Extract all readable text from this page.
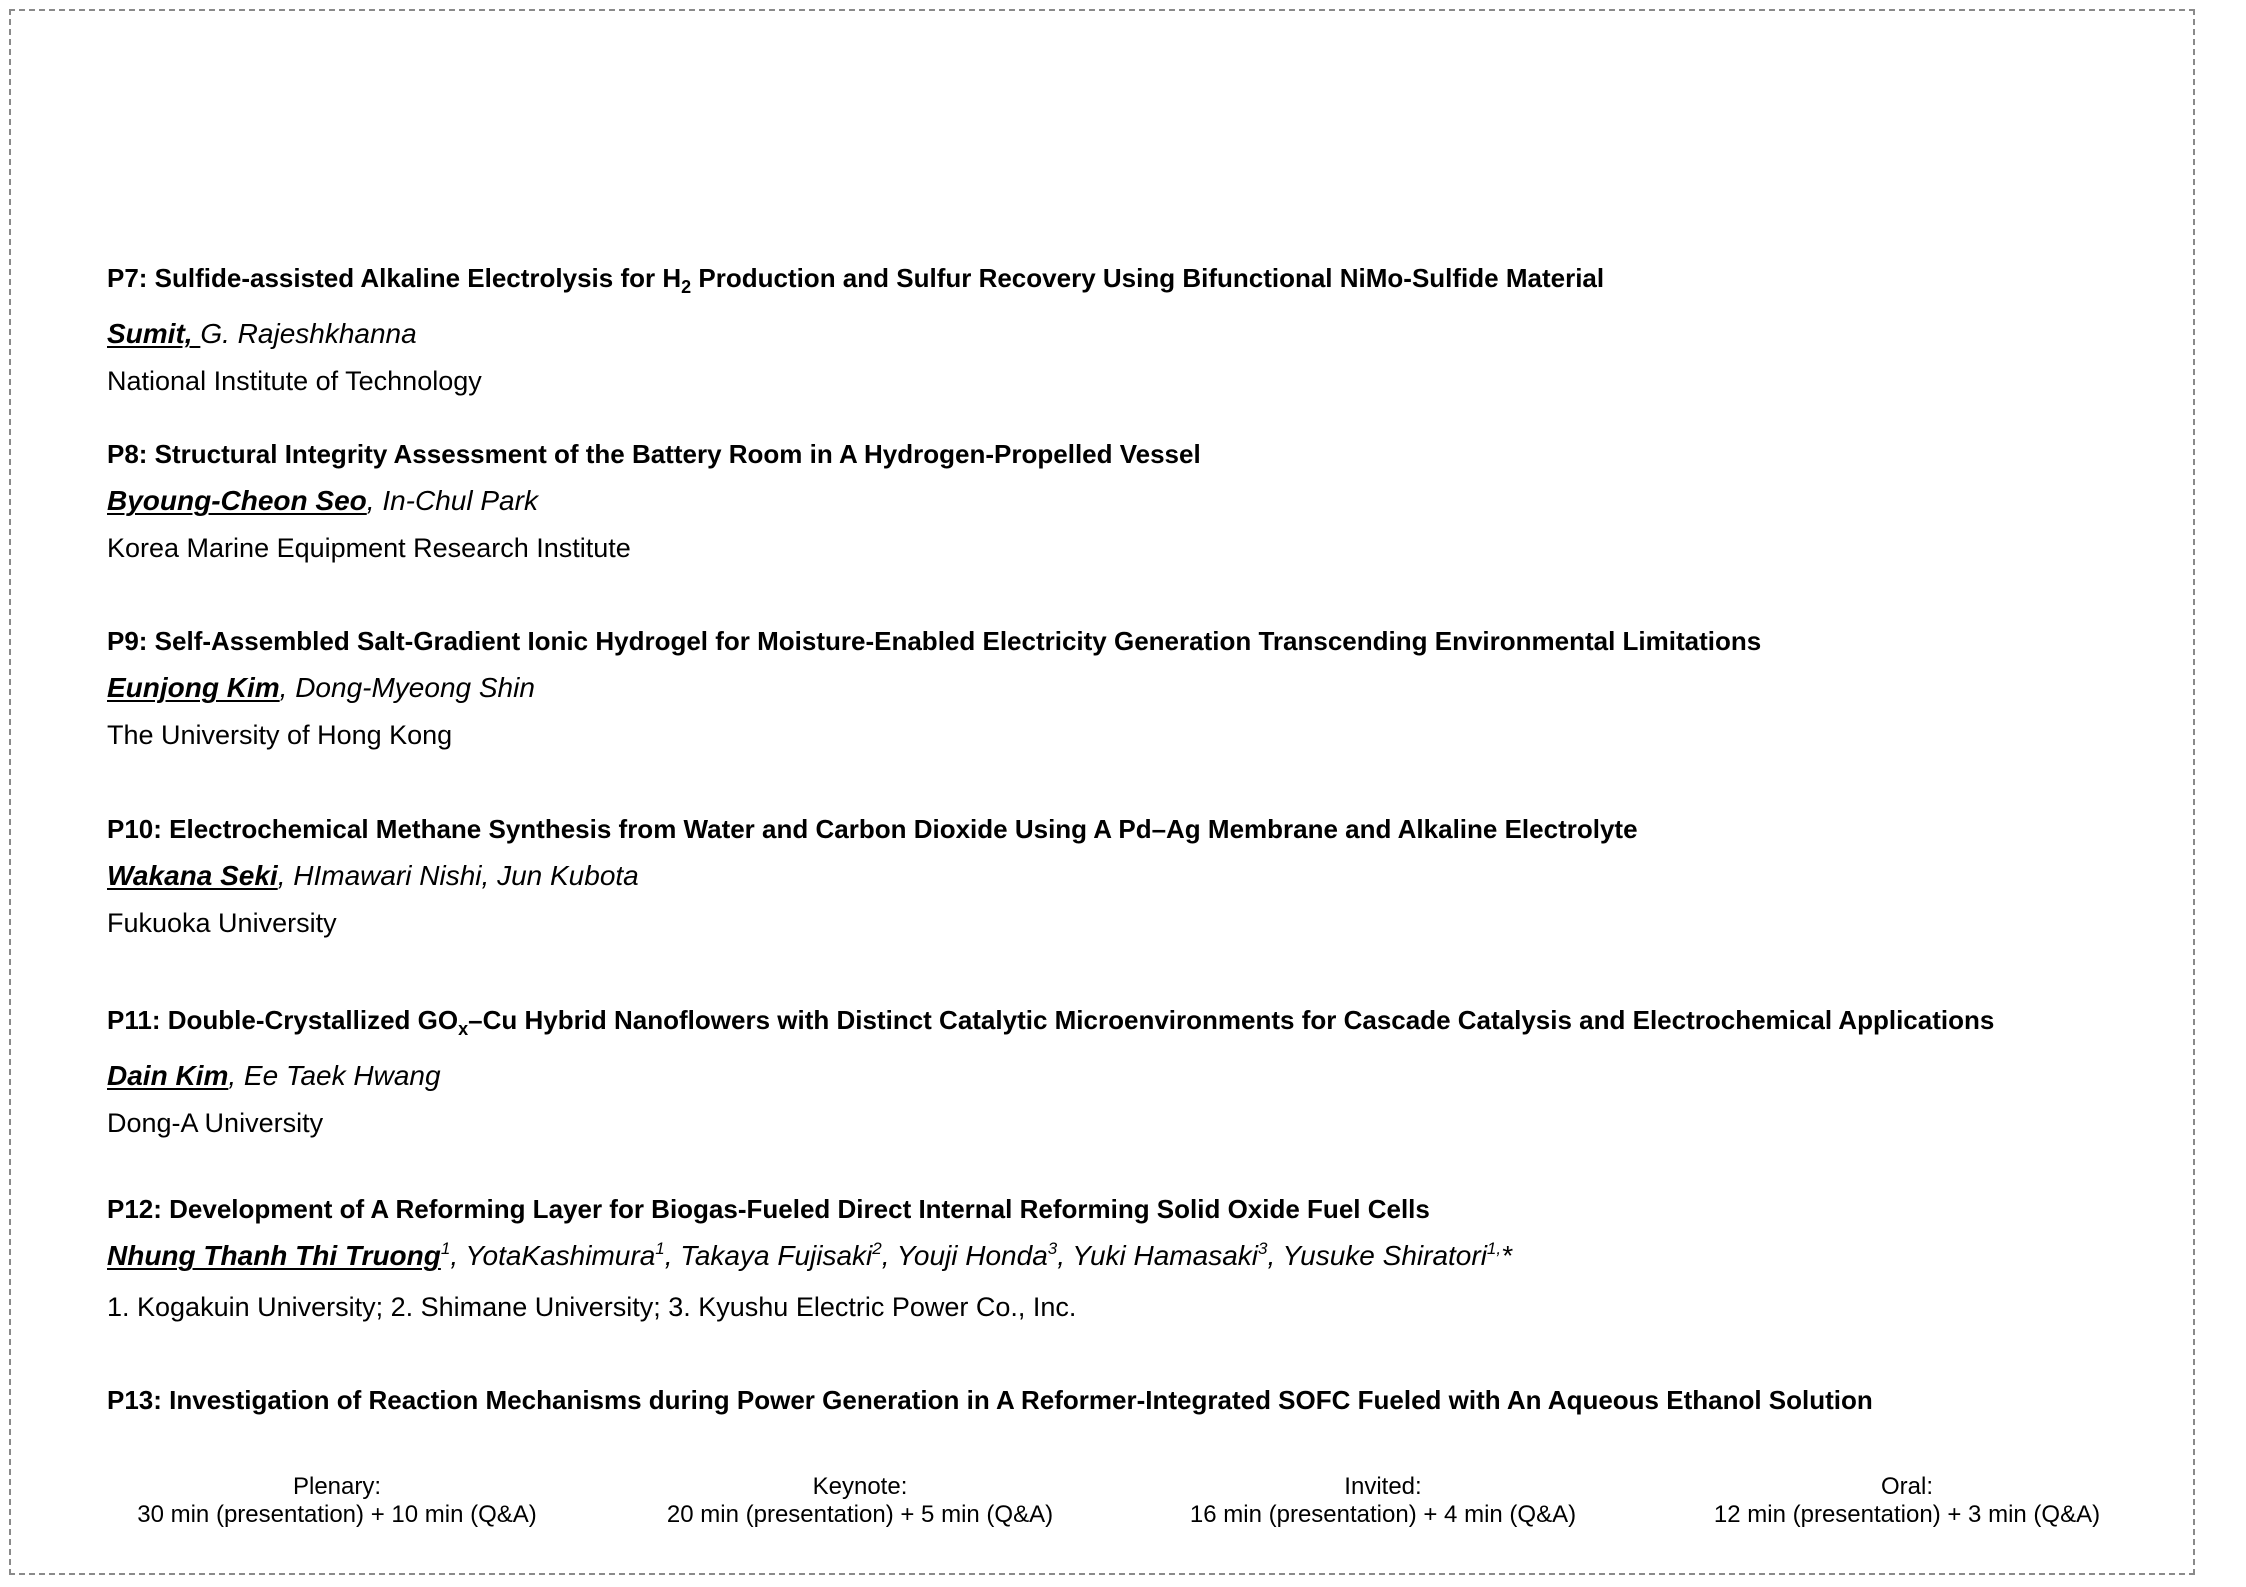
P7: Sulfide-assisted Alkaline Electrolysis for $H_2$ Production and Sulfur Recovery Using Bifunctional NiMo-Sulfide Material
Sumit, G. Rajeshkhanna
National Institute of Technology
P8: Structural Integrity Assessment of the Battery Room in A Hydrogen-Propelled Vessel
Byoung-Cheon Seo, In-Chul Park
Korea Marine Equipment Research Institute
P9: Self-Assembled Salt-Gradient Ionic Hydrogel for Moisture-Enabled Electricity Generation Transcending Environmental Limitations
Eunjong Kim, Dong-Myeong Shin
The University of Hong Kong
P10: Electrochemical Methane Synthesis from Water and Carbon Dioxide Using A Pd–Ag Membrane and Alkaline Electrolyte
Wakana Seki, HImawari Nishi, Jun Kubota
Fukuoka University
P11: Double-Crystallized $GO_x-Cu$ Hybrid Nanoflowers with Distinct Catalytic Microenvironments for Cascade Catalysis and Electrochemical Applications
Dain Kim, Ee Taek Hwang
Dong-A University
P12: Development of A Reforming Layer for Biogas-Fueled Direct Internal Reforming Solid Oxide Fuel Cells
Nhung Thanh Thi Truong$^1$, YotaKashimura$^1$, Takaya Fujisaki$^2$, Youji Honda$^3$, Yuki Hamasaki$^3$, Yusuke Shiratori$^{1,}$*
1. Kogakuin University; 2. Shimane University; 3. Kyushu Electric Power Co., Inc.
P13: Investigation of Reaction Mechanisms during Power Generation in A Reformer-Integrated SOFC Fueled with An Aqueous Ethanol Solution
Plenary:
30 min (presentation) + 10 min (Q&A)
Keynote:
20 min (presentation) + 5 min (Q&A)
Invited:
16 min (presentation) + 4 min (Q&A)
Oral:
12 min (presentation) + 3 min (Q&A)
